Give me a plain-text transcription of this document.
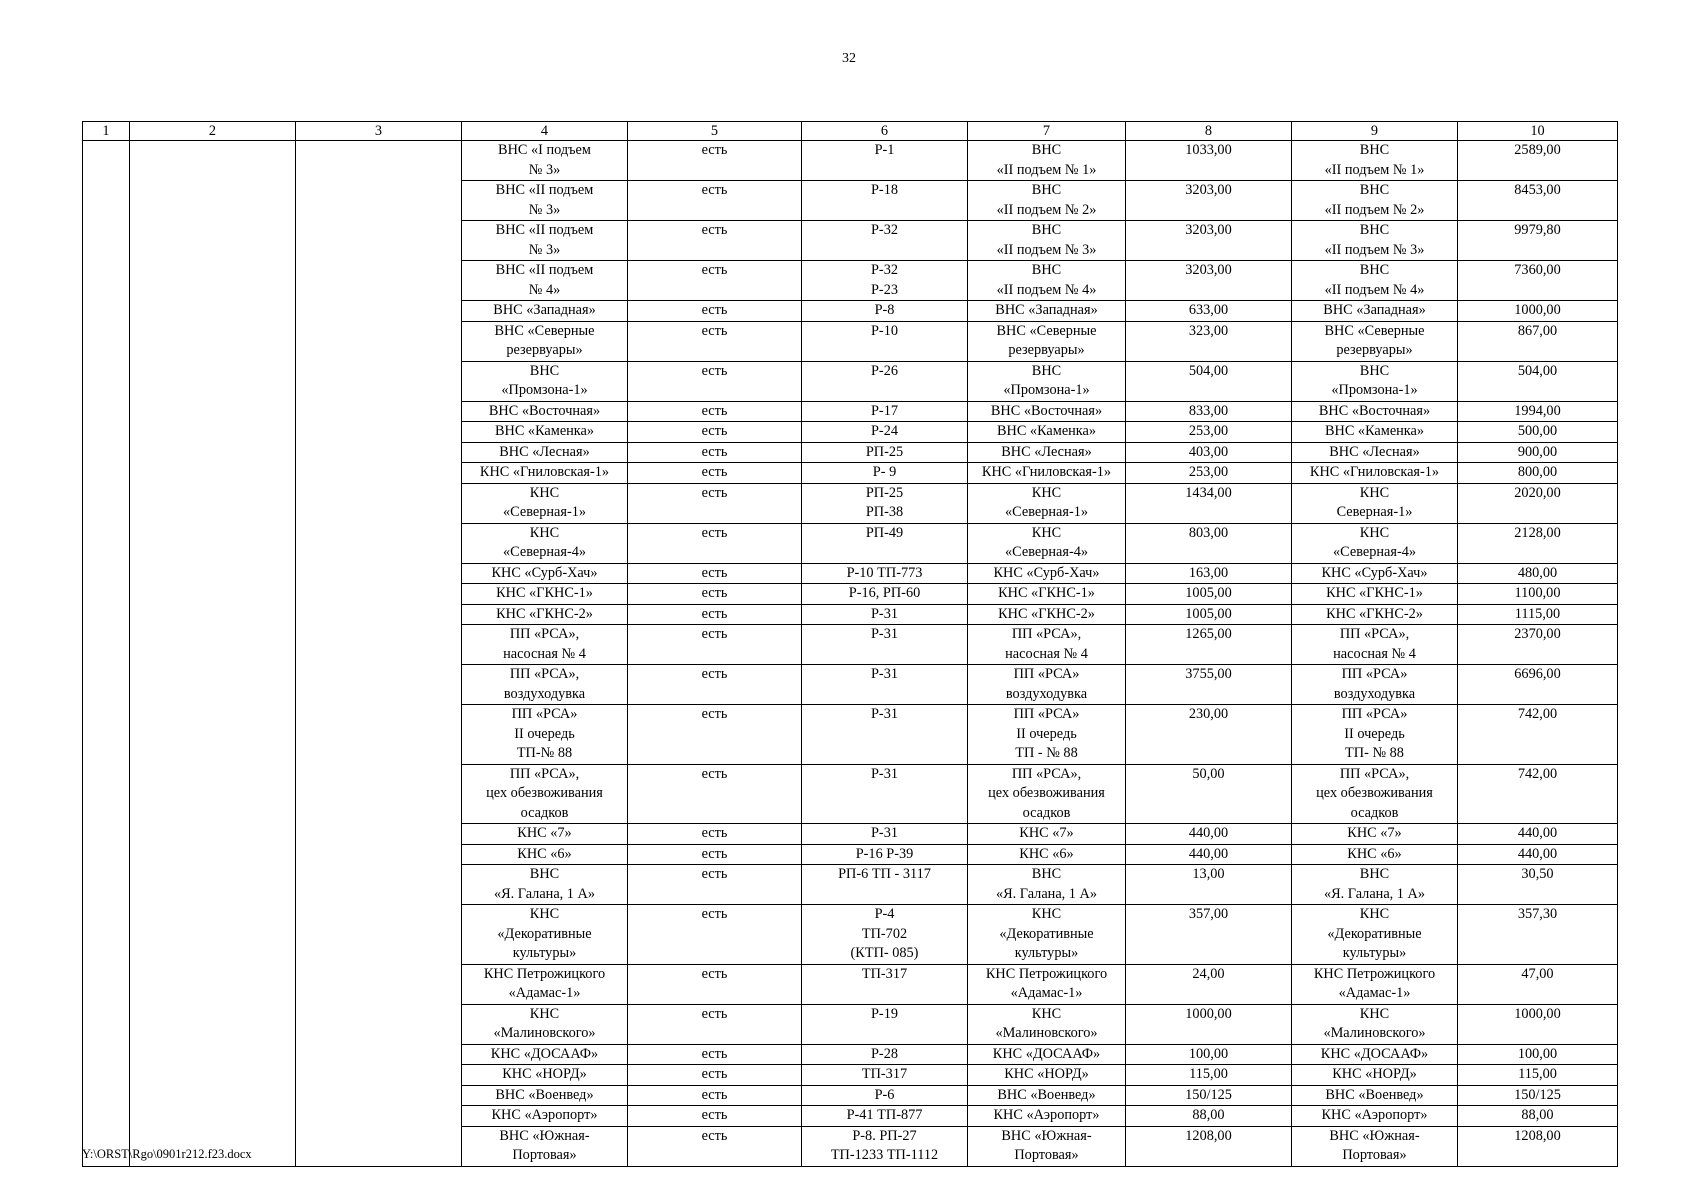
32
1	2	3	4	5	6	7	8	9	10
			ВНС «I подъем
№ 3»	есть	Р-1	ВНС
«II подъем № 1»	1033,00	ВНС
«II подъем № 1»	2589,00
			ВНС «II подъем
№ 3»	есть	Р-18	ВНС
«II подъем № 2»	3203,00	ВНС
«II подъем № 2»	8453,00
			ВНС «II подъем
№ 3»	есть	Р-32	ВНС
«II подъем № 3»	3203,00	ВНС
«II подъем № 3»	9979,80
			ВНС «II подъем
№ 4»	есть	Р-32
Р-23	ВНС
«II подъем № 4»	3203,00	ВНС
«II подъем № 4»	7360,00
			ВНС «Западная»	есть	Р-8	ВНС «Западная»	633,00	ВНС «Западная»	1000,00
			ВНС «Северные
резервуары»	есть	Р-10	ВНС «Северные
резервуары»	323,00	ВНС «Северные
резервуары»	867,00
			ВНС
«Промзона-1»	есть	Р-26	ВНС
«Промзона-1»	504,00	ВНС
«Промзона-1»	504,00
			ВНС «Восточная»	есть	Р-17	ВНС «Восточная»	833,00	ВНС «Восточная»	1994,00
			ВНС «Каменка»	есть	Р-24	ВНС «Каменка»	253,00	ВНС «Каменка»	500,00
			ВНС «Лесная»	есть	РП-25	ВНС «Лесная»	403,00	ВНС «Лесная»	900,00
			КНС «Гниловская-1»	есть	Р- 9	КНС «Гниловская-1»	253,00	КНС «Гниловская-1»	800,00
			КНС
«Северная-1»	есть	РП-25
РП-38	КНС
«Северная-1»	1434,00	КНС
Северная-1»	2020,00
			КНС
«Северная-4»	есть	РП-49	КНС
«Северная-4»	803,00	КНС
«Северная-4»	2128,00
			КНС «Сурб-Хач»	есть	Р-10 ТП-773	КНС «Сурб-Хач»	163,00	КНС «Сурб-Хач»	480,00
			КНС «ГКНС-1»	есть	Р-16, РП-60	КНС «ГКНС-1»	1005,00	КНС «ГКНС-1»	1100,00
			КНС «ГКНС-2»	есть	Р-31	КНС «ГКНС-2»	1005,00	КНС «ГКНС-2»	1115,00
			ПП «РСА»,
насосная № 4	есть	Р-31	ПП «РСА»,
насосная № 4	1265,00	ПП «РСА»,
насосная № 4	2370,00
			ПП «РСА»,
воздуходувка	есть	Р-31	ПП «РСА»
воздуходувка	3755,00	ПП «РСА»
воздуходувка	6696,00
			ПП «РСА»
II очередь
ТП-№ 88	есть	Р-31	ПП «РСА»
II очередь
ТП - № 88	230,00	ПП «РСА»
II очередь
ТП- № 88	742,00
			ПП «РСА»,
цех обезвоживания
осадков	есть	Р-31	ПП «РСА»,
цех обезвоживания
осадков	50,00	ПП «РСА»,
цех обезвоживания
осадков	742,00
			КНС «7»	есть	Р-31	КНС «7»	440,00	КНС «7»	440,00
			КНС «6»	есть	Р-16 Р-39	КНС «6»	440,00	КНС «6»	440,00
			ВНС
«Я. Галана, 1 А»	есть	РП-6 ТП - 3117	ВНС
«Я. Галана, 1 А»	13,00	ВНС
«Я. Галана, 1 А»	30,50
			КНС
«Декоративные
культуры»	есть	Р-4
ТП-702
(КТП- 085)	КНС
«Декоративные
культуры»	357,00	КНС
«Декоративные
культуры»	357,30
			КНС Петрожицкого
«Адамас-1»	есть	ТП-317	КНС Петрожицкого
«Адамас-1»	24,00	КНС Петрожицкого
«Адамас-1»	47,00
			КНС
«Малиновского»	есть	Р-19	КНС
«Малиновского»	1000,00	КНС
«Малиновского»	1000,00
			КНС «ДОСААФ»	есть	Р-28	КНС «ДОСААФ»	100,00	КНС «ДОСААФ»	100,00
			КНС «НОРД»	есть	ТП-317	КНС «НОРД»	115,00	КНС «НОРД»	115,00
			ВНС «Военвед»	есть	Р-6	ВНС «Военвед»	150/125	ВНС «Военвед»	150/125
			КНС «Аэропорт»	есть	Р-41 ТП-877	КНС «Аэропорт»	88,00	КНС «Аэропорт»	88,00
			ВНС «Южная-
Портовая»	есть	Р-8. РП-27
ТП-1233 ТП-1112	ВНС «Южная-
Портовая»	1208,00	ВНС «Южная-
Портовая»	1208,00
Y:\ORST\Rgo\0901r212.f23.docx
